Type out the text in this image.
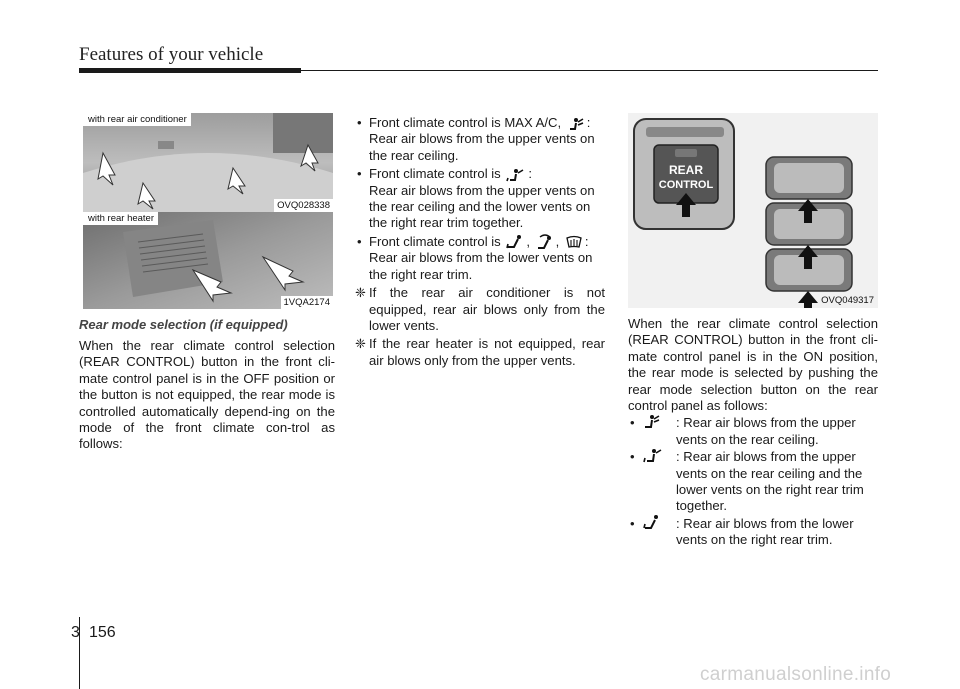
Features of your vehicle
with rear air conditioner
OVQ028338
with rear heater
1VQA2174
Rear mode selection (if equipped)
When the rear climate control selection (REAR CONTROL) button in the front cli-mate control panel is in the OFF position or the button is not equipped, the rear mode is controlled automatically depend-ing on the mode of the front climate con-trol as follows:
• Front climate control is MAX A/C, :
Rear air blows from the upper vents on the rear ceiling.
• Front climate control is :
Rear air blows from the upper vents on the rear ceiling and the lower vents on the right rear trim together.
• Front climate control is , , :
Rear air blows from the lower vents on the right rear trim.
❈ If the rear air conditioner is not equipped, rear air blows only from the lower vents.
❈ If the rear heater is not equipped, rear air blows only from the upper vents.
REAR
CONTROL
OVQ049317
When the rear climate control selection (REAR CONTROL) button in the front cli-mate control panel is in the ON position, the rear mode is selected by pushing the rear mode selection button on the rear control panel as follows:
•	: Rear air blows from the upper vents on the rear ceiling.
•	: Rear air blows from the upper vents on the rear ceiling and the lower vents on the right rear trim together.
•	: Rear air blows from the lower vents on the right rear trim.
3 156
carmanualsonline.info
